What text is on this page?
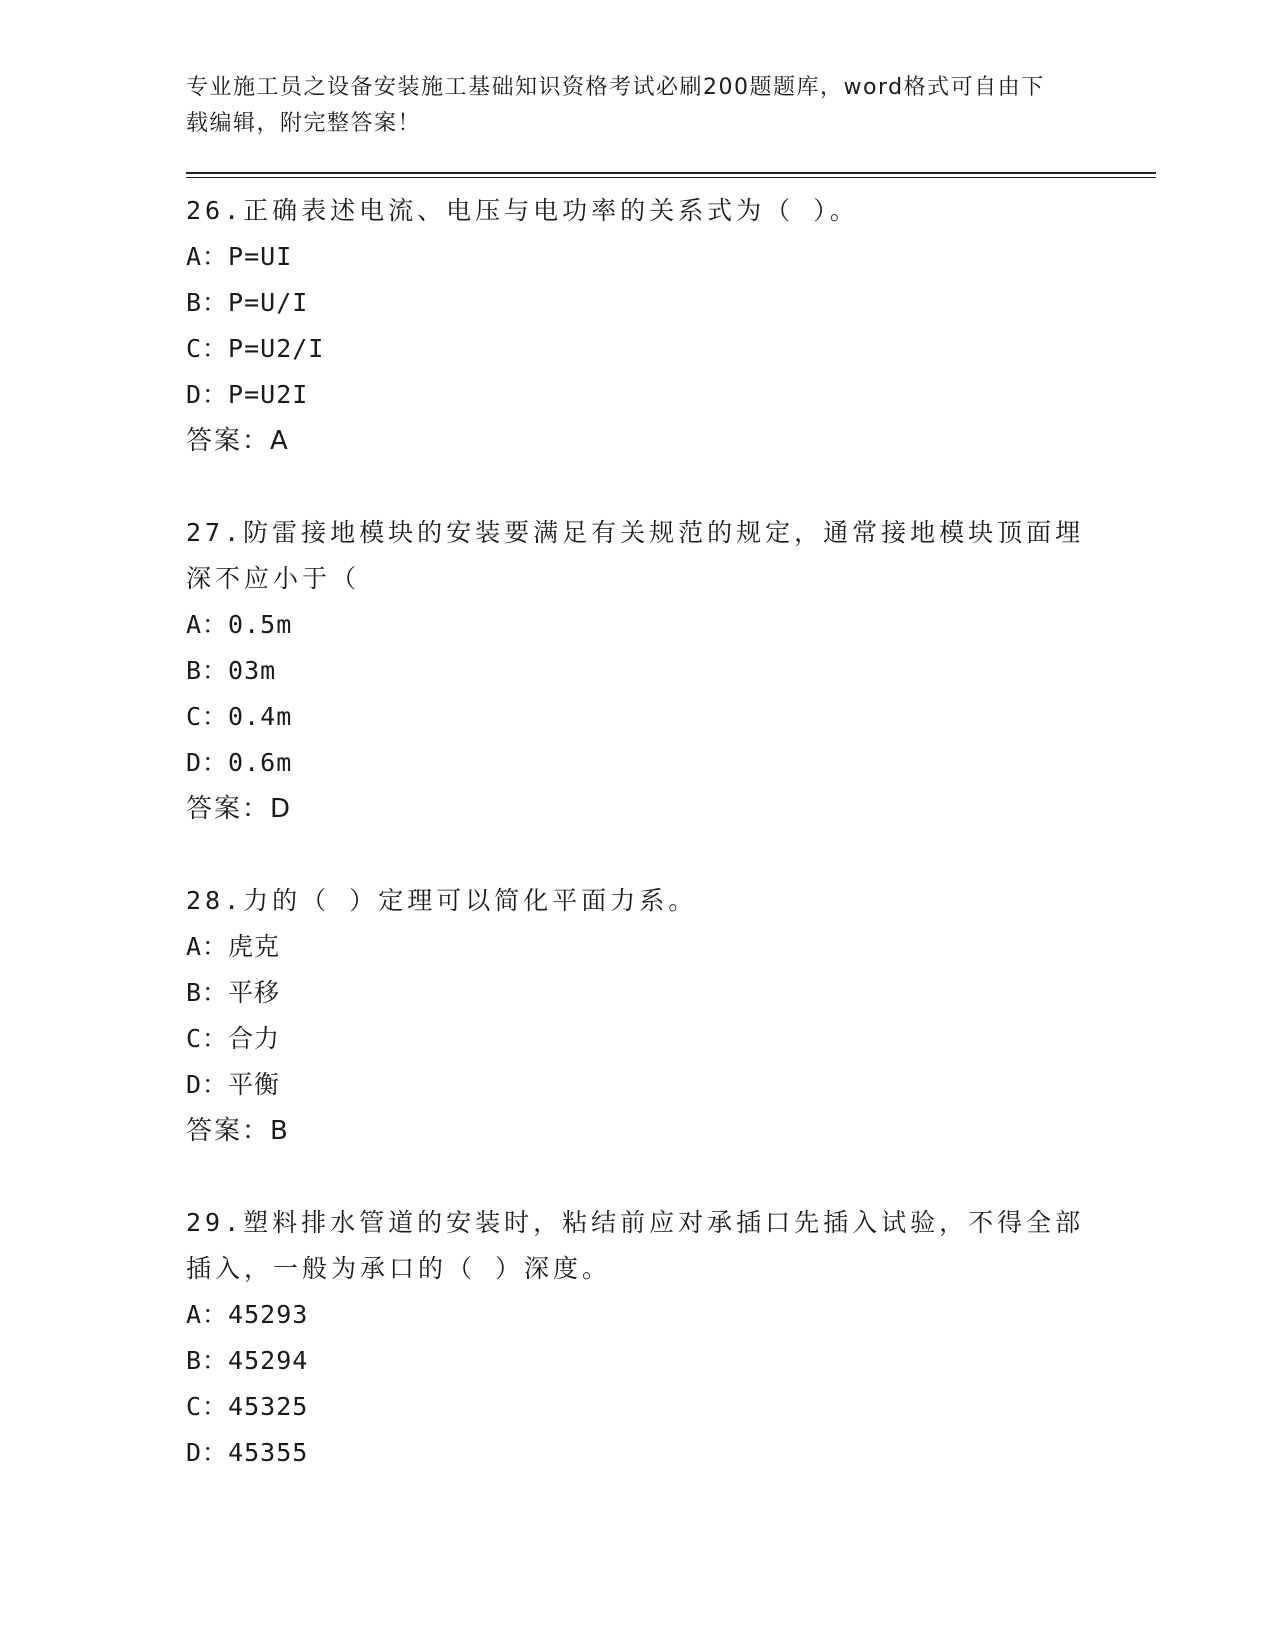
专业施工员之设备安装施工基础知识资格考试必刷200题题库，word格式可自由下载编辑，附完整答案！

26.正确表述电流、电压与电功率的关系式为（ ）。

A：P=UI

B：P=U/I

C：P=U2/I

D：P=U2I

答案：A

27.防雷接地模块的安装要满足有关规范的规定，通常接地模块顶面埋深不应小于（

A：0.5m

B：03m

C：0.4m

D：0.6m

答案：D

28.力的（ ）定理可以简化平面力系。

A：虎克

B：平移

C：合力

D：平衡

答案：B

29.塑料排水管道的安装时，粘结前应对承插口先插入试验，不得全部插入，一般为承口的（ ）深度。

A：45293

B：45294

C：45325

D：45355
